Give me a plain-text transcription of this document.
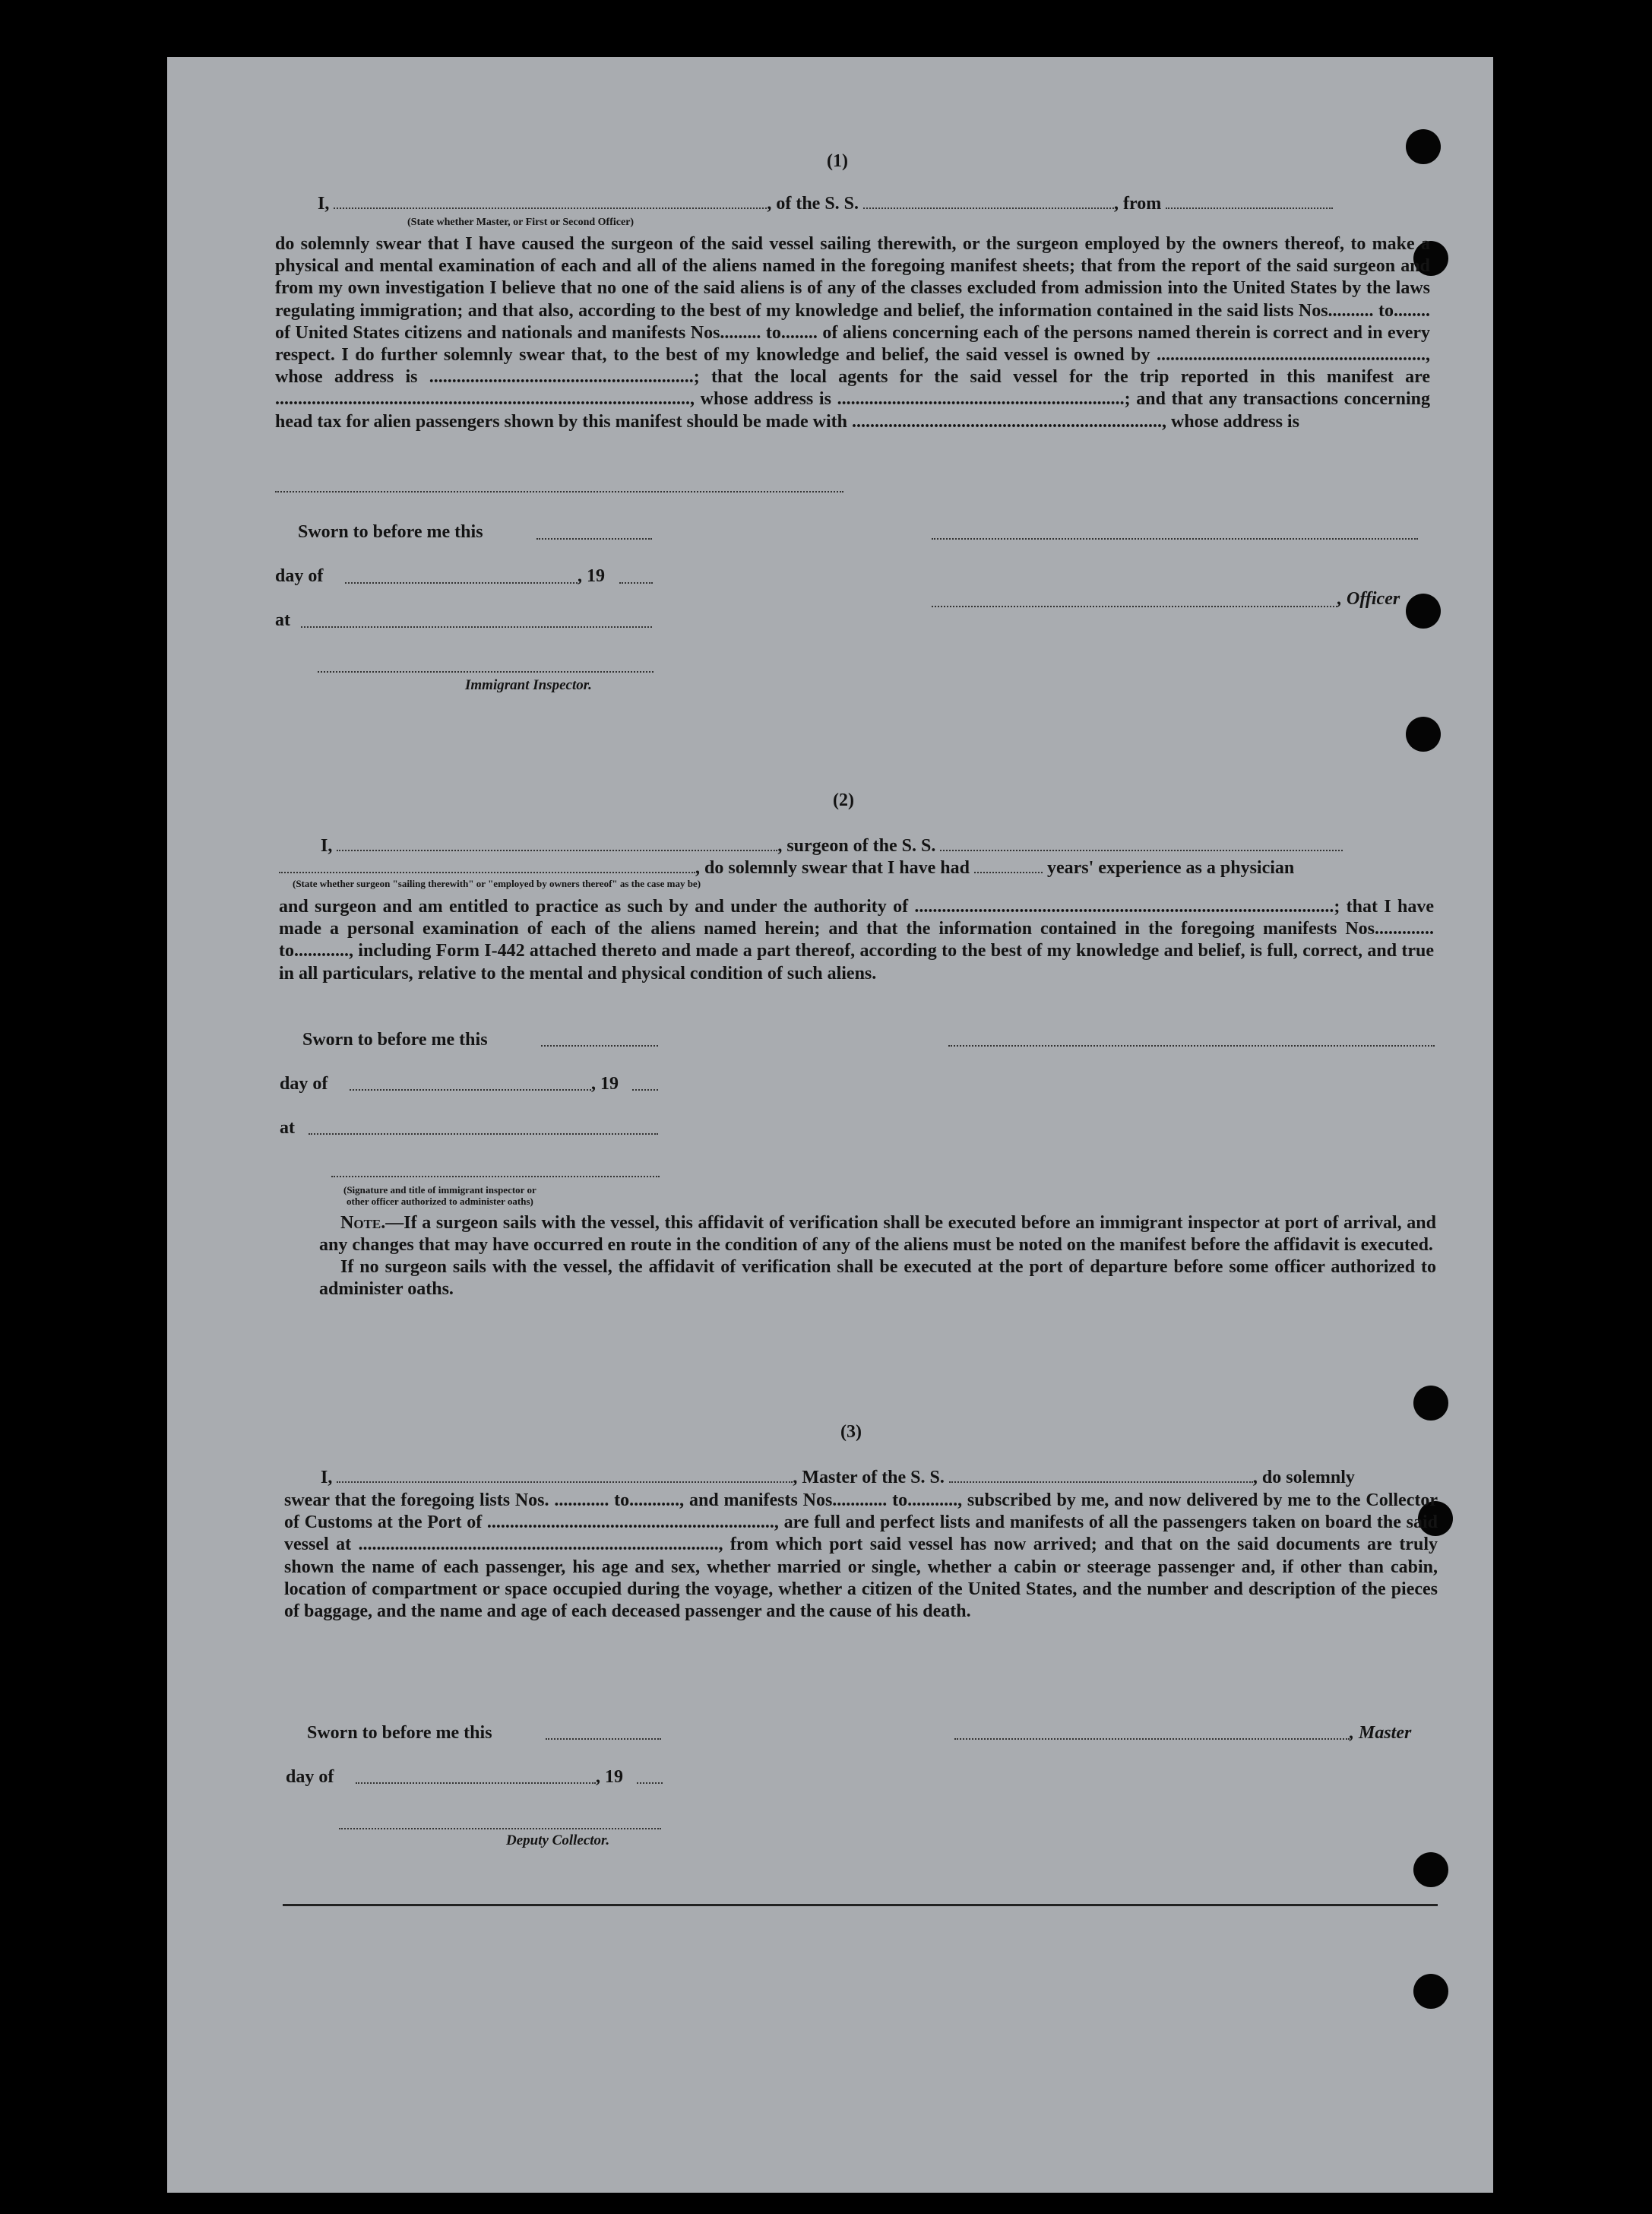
(1)
I,	, of the S. S.	, from
(State whether Master, or First or Second Officer)
do solemnly swear that I have caused the surgeon of the said vessel sailing therewith, or the surgeon employed by the owners thereof, to make a physical and mental examination of each and all of the aliens named in the foregoing manifest sheets; that from the report of the said surgeon and from my own investigation I believe that no one of the said aliens is of any of the classes excluded from admission into the United States by the laws regulating immigration; and that also, according to the best of my knowledge and belief, the information contained in the said lists Nos.......... to........ of United States citizens and nationals and manifests Nos......... to........ of aliens concerning each of the persons named therein is correct and in every respect. I do further solemnly swear that, to the best of my knowledge and belief, the said vessel is owned by ..........................................................., whose address is ..........................................................; that the local agents for the said vessel for the trip reported in this manifest are ..........................................................................................., whose address is ...............................................................; and that any transactions concerning head tax for alien passengers shown by this manifest should be made with ...................................................................., whose address is
Sworn to before me this
day of	, 19
at
, Officer
Immigrant Inspector.
(2)
I,	, surgeon of the S. S.
, do solemnly swear that I have had	years' experience as a physician
(State whether surgeon "sailing therewith" or "employed by owners thereof" as the case may be)
and surgeon and am entitled to practice as such by and under the authority of ............................................................................................; that I have made a personal examination of each of the aliens named herein; and that the information contained in the foregoing manifests Nos............. to............, including Form I-442 attached thereto and made a part thereof, according to the best of my knowledge and belief, is full, correct, and true in all particulars, relative to the mental and physical condition of such aliens.
Sworn to before me this
day of	, 19
at
(Signature and title of immigrant inspector or
other officer authorized to administer oaths)

Note.—If a surgeon sails with the vessel, this affidavit of verification shall be executed before an immigrant inspector at port of arrival, and any changes that may have occurred en route in the condition of any of the aliens must be noted on the manifest before the affidavit is executed.

If no surgeon sails with the vessel, the affidavit of verification shall be executed at the port of departure before some officer authorized to administer oaths.

(3)
I,	, Master of the S. S.	, do solemnly
swear that the foregoing lists Nos. ............ to..........., and manifests Nos............ to..........., subscribed by me, and now delivered by me to the Collector of Customs at the Port of ..............................................................., are full and perfect lists and manifests of all the passengers taken on board the said vessel at ..............................................................................., from which port said vessel has now arrived; and that on the said documents are truly shown the name of each passenger, his age and sex, whether married or single, whether a cabin or steerage passenger and, if other than cabin, location of compartment or space occupied during the voyage, whether a citizen of the United States, and the number and description of the pieces of baggage, and the name and age of each deceased passenger and the cause of his death.
Sworn to before me this	, Master
day of	, 19
Deputy Collector.
